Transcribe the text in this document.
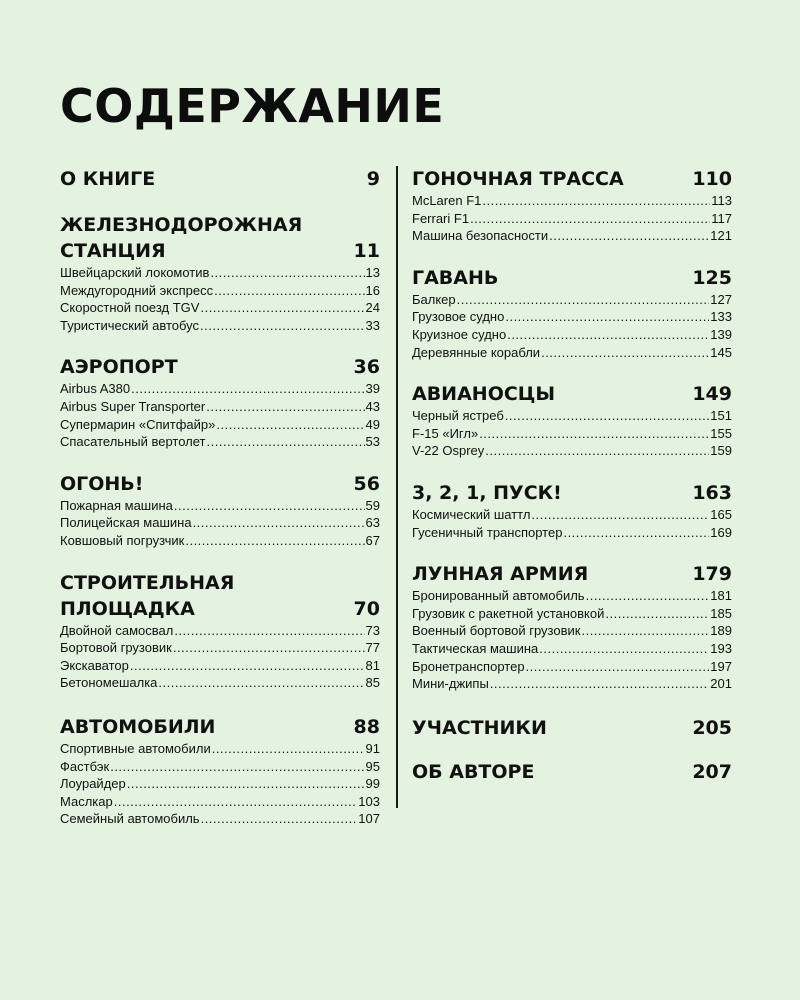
СОДЕРЖАНИЕ
О КНИГЕ	9
ЖЕЛЕЗНОДОРОЖНАЯ
СТАНЦИЯ	11
Швейцарский локомотив .....	13
Междугородний экспресс .....	16
Скоростной поезд TGV .....	24
Туристический автобус .....	33
АЭРОПОРТ	36
Airbus A380 .....	39
Airbus Super Transporter .....	43
Супермарин «Спитфайр» .....	49
Спасательный вертолет .....	53
ОГОНЬ!	56
Пожарная машина .....	59
Полицейская машина .....	63
Ковшовый погрузчик .....	67
СТРОИТЕЛЬНАЯ
ПЛОЩАДКА	70
Двойной самосвал .....	73
Бортовой грузовик .....	77
Экскаватор .....	81
Бетономешалка .....	85
АВТОМОБИЛИ	88
Спортивные автомобили .....	91
Фастбэк .....	95
Лоурайдер .....	99
Маслкар .....	103
Семейный автомобиль .....	107
ГОНОЧНАЯ ТРАССА	110
McLaren F1 .....	113
Ferrari F1 .....	117
Машина безопасности .....	121
ГАВАНЬ	125
Балкер .....	127
Грузовое судно .....	133
Круизное судно .....	139
Деревянные корабли .....	145
АВИАНОСЦЫ	149
Черный ястреб .....	151
F-15 «Игл» .....	155
V-22 Osprey .....	159
3, 2, 1, ПУСК!	163
Космический шаттл .....	165
Гусеничный транспортер .....	169
ЛУННАЯ АРМИЯ	179
Бронированный автомобиль .....	181
Грузовик с ракетной установкой .....	185
Военный бортовой грузовик .....	189
Тактическая машина .....	193
Бронетранспортер .....	197
Мини-джипы .....	201
УЧАСТНИКИ	205
ОБ АВТОРЕ	207
